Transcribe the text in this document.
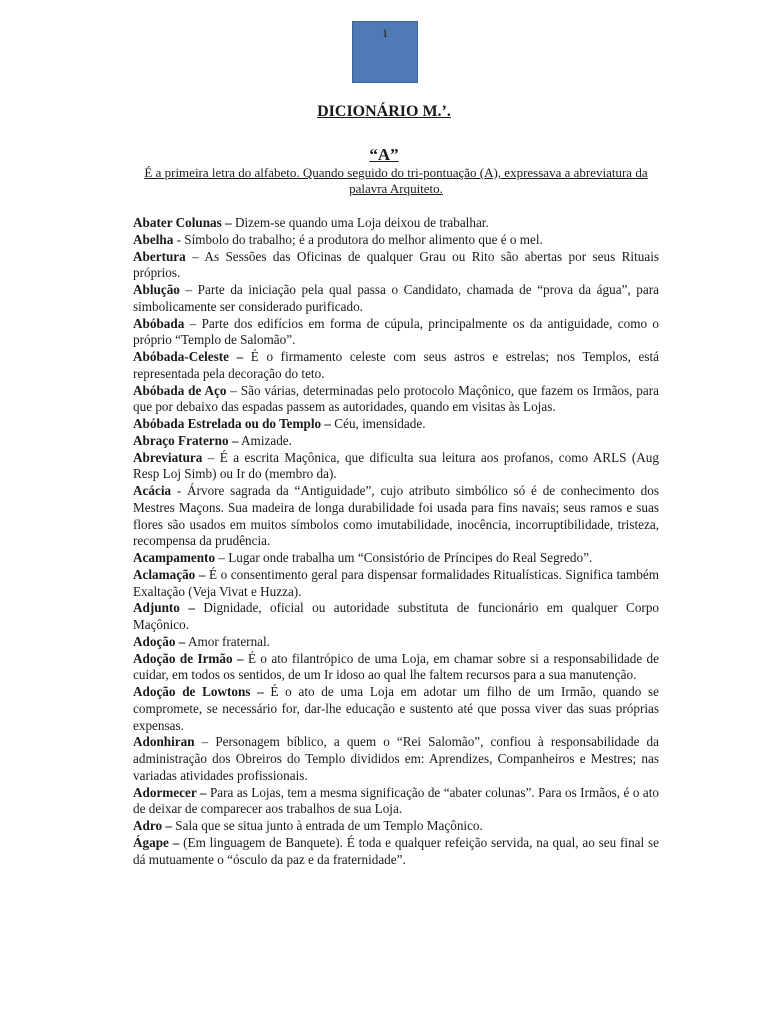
1
DICIONÁRIO M.’.
“A”
É a primeira letra do alfabeto. Quando seguido do tri-pontuação (A), expressava a abreviatura da palavra Arquiteto.

Abater Colunas – Dizem-se quando uma Loja deixou de trabalhar.

Abelha - Símbolo do trabalho; é a produtora do melhor alimento que é o mel.

Abertura – As Sessões das Oficinas de qualquer Grau ou Rito são abertas por seus Rituais próprios.

Ablução – Parte da iniciação pela qual passa o Candidato, chamada de “prova da água”, para simbolicamente ser considerado purificado.

Abóbada – Parte dos edifícios em forma de cúpula, principalmente os da antiguidade, como o próprio “Templo de Salomão”.

Abóbada-Celeste – É o firmamento celeste com seus astros e estrelas; nos Templos, está representada pela decoração do teto.

Abóbada de Aço – São várias, determinadas pelo protocolo Maçônico, que fazem os Irmãos, para que por debaixo das espadas passem as autoridades, quando em visitas às Lojas.

Abóbada Estrelada ou do Templo – Céu, imensidade.

Abraço Fraterno – Amizade.

Abreviatura – É a escrita Maçônica, que dificulta sua leitura aos profanos, como ARLS (Aug Resp Loj Simb) ou Ir do (membro da).

Acácia - Árvore sagrada da “Antiguidade”, cujo atributo simbólico só é de conhecimento dos Mestres Maçons. Sua madeira de longa durabilidade foi usada para fins navais; seus ramos e suas flores são usados em muitos símbolos como imutabilidade, inocência, incorruptibilidade, tristeza, recompensa da prudência.

Acampamento – Lugar onde trabalha um “Consistório de Príncipes do Real Segredo”.

Aclamação – É o consentimento geral para dispensar formalidades Ritualísticas. Significa também Exaltação (Veja Vivat e Huzza).

Adjunto – Dignidade, oficial ou autoridade substituta de funcionário em qualquer Corpo Maçônico.

Adoção – Amor fraternal.

Adoção de Irmão – É o ato filantrópico de uma Loja, em chamar sobre si a responsabilidade de cuidar, em todos os sentidos, de um Ir idoso ao qual lhe faltem recursos para a sua manutenção.

Adoção de Lowtons – É o ato de uma Loja em adotar um filho de um Irmão, quando se compromete, se necessário for, dar-lhe educação e sustento até que possa viver das suas próprias expensas.

Adonhiran – Personagem bíblico, a quem o “Rei Salomão”, confiou à responsabilidade da administração dos Obreiros do Templo divididos em: Aprendizes, Companheiros e Mestres; nas variadas atividades profissionais.

Adormecer – Para as Lojas, tem a mesma significação de “abater colunas”. Para os Irmãos, é o ato de deixar de comparecer aos trabalhos de sua Loja.

Adro – Sala que se situa junto à entrada de um Templo Maçônico.

Ágape – (Em linguagem de Banquete). É toda e qualquer refeição servida, na qual, ao seu final se dá mutuamente o “ósculo da paz e da fraternidade”.
